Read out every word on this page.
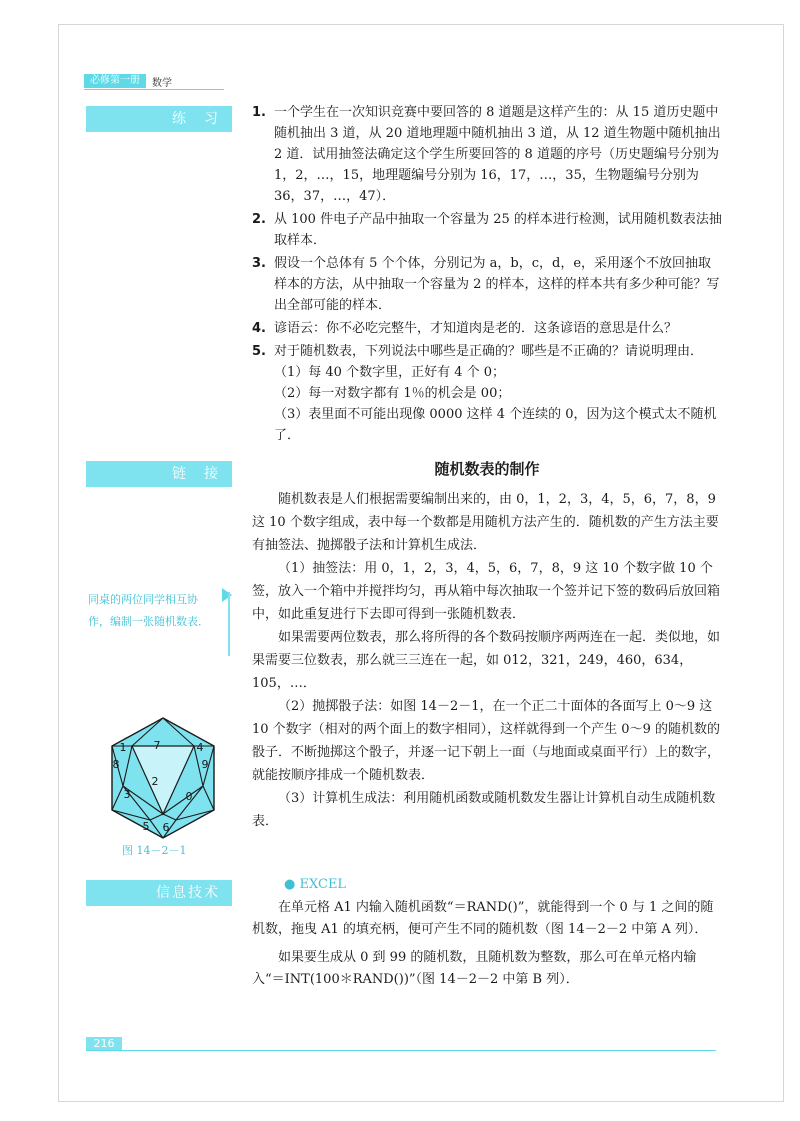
必修第一册	数学
练　习
链　接
信息技术
1. 一个学生在一次知识竞赛中要回答的 8 道题是这样产生的：从 15 道历史题中随机抽出 3 道，从 20 道地理题中随机抽出 3 道，从 12 道生物题中随机抽出 2 道．试用抽签法确定这个学生所要回答的 8 道题的序号（历史题编号分别为 1，2，…，15，地理题编号分别为 16，17，…，35，生物题编号分别为 36，37，…，47）．
2. 从 100 件电子产品中抽取一个容量为 25 的样本进行检测，试用随机数表法抽取样本．
3. 假设一个总体有 5 个个体，分别记为 a，b，c，d，e，采用逐个不放回抽取样本的方法，从中抽取一个容量为 2 的样本，这样的样本共有多少种可能？写出全部可能的样本．
4. 谚语云：你不必吃完整牛，才知道肉是老的．这条谚语的意思是什么？
5. 对于随机数表，下列说法中哪些是正确的？哪些是不正确的？请说明理由．
（1）每 40 个数字里，正好有 4 个 0；
（2）每一对数字都有 1％的机会是 00；
（3）表里面不可能出现像 0000 这样 4 个连续的 0，因为这个模式太不随机了．
随机数表的制作

随机数表是人们根据需要编制出来的，由 0，1，2，3，4，5，6，7，8，9 这 10 个数字组成，表中每一个数都是用随机方法产生的．随机数的产生方法主要有抽签法、抛掷骰子法和计算机生成法．

（1）抽签法：用 0，1，2，3，4，5，6，7，8，9 这 10 个数字做 10 个签，放入一个箱中并搅拌均匀，再从箱中每次抽取一个签并记下签的数码后放回箱中，如此重复进行下去即可得到一张随机数表．

如果需要两位数表，那么将所得的各个数码按顺序两两连在一起．类似地，如果需要三位数表，那么就三三连在一起，如 012，321，249，460，634，105，…．

（2）抛掷骰子法：如图 14－2－1，在一个正二十面体的各面写上 0～9 这 10 个数字（相对的两个面上的数字相同），这样就得到一个产生 0～9 的随机数的骰子．不断抛掷这个骰子，并逐一记下朝上一面（与地面或桌面平行）上的数字，就能按顺序排成一个随机数表．

（3）计算机生成法：利用随机函数或随机数发生器让计算机自动生成随机数表．

同桌的两位同学相互协作，编制一张随机数表．
1 7	4
8
2
9
3	0
5 6
图 14－2－1
● EXCEL

在单元格 A1 内输入随机函数“＝RAND()”，就能得到一个 0 与 1 之间的随机数，拖曳 A1 的填充柄，便可产生不同的随机数（图 14－2－2 中第 A 列）．

如果要生成从 0 到 99 的随机数，且随机数为整数，那么可在单元格内输入“＝INT(100＊RAND())”（图 14－2－2 中第 B 列）．

216
